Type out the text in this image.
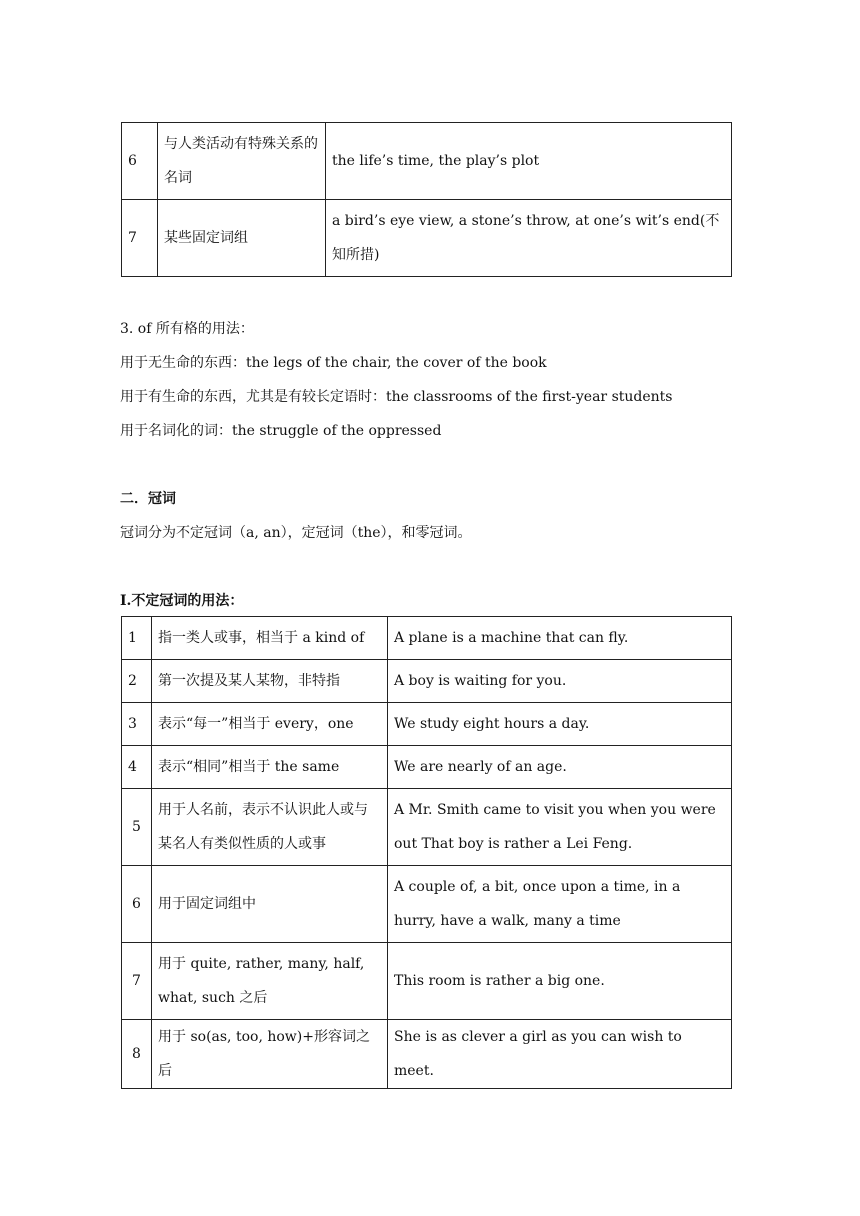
6	与人类活动有特殊关系的名词	the life’s time, the play’s plot
7	某些固定词组	a bird’s eye view, a stone’s throw, at one’s wit’s end(不知所措)

3. of 所有格的用法：

用于无生命的东西：the legs of the chair, the cover of the book

用于有生命的东西，尤其是有较长定语时：the classrooms of the first-year students

用于名词化的词：the struggle of the oppressed

二．冠词

冠词分为不定冠词（a, an），定冠词（the），和零冠词。

I.不定冠词的用法：

1	指一类人或事，相当于 a kind of	A plane is a machine that can fly.
2	第一次提及某人某物，非特指	A boy is waiting for you.
3	表示“每一”相当于 every，one	We study eight hours a day.
4	表示“相同”相当于 the same	We are nearly of an age.
5	用于人名前，表示不认识此人或与某名人有类似性质的人或事	A Mr. Smith came to visit you when you were out That boy is rather a Lei Feng.
6	用于固定词组中	A couple of, a bit, once upon a time, in a hurry, have a walk, many a time
7	用于 quite, rather, many, half, what, such 之后	This room is rather a big one.
8	用于 so(as, too, how)+形容词之后	She is as clever a girl as you can wish to meet.
